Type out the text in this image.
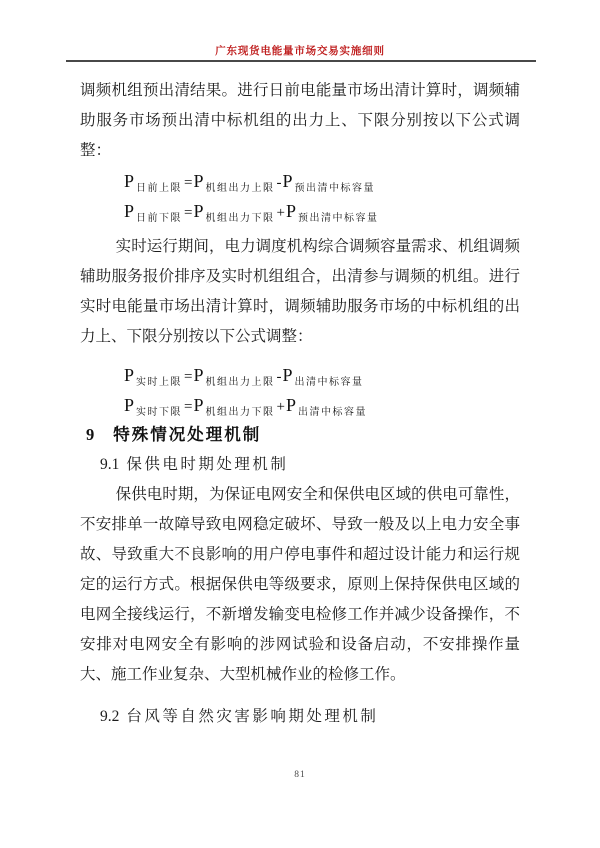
广东现货电能量市场交易实施细则

调频机组预出清结果。进行日前电能量市场出清计算时，调频辅助服务市场预出清中标机组的出力上、下限分别按以下公式调整：

P $_{日前上限}$ =P $_{机组出力上限}$ -P $_{预出清中标容量}$
P $_{日前下限}$ =P $_{机组出力下限}$ +P $_{预出清中标容量}$

实时运行期间，电力调度机构综合调频容量需求、机组调频辅助服务报价排序及实时机组组合，出清参与调频的机组。进行实时电能量市场出清计算时，调频辅助服务市场的中标机组的出力上、下限分别按以下公式调整：

P $_{实时上限}$ =P $_{机组出力上限}$ -P $_{出清中标容量}$
P $_{实时下限}$ =P $_{机组出力下限}$ +P $_{出清中标容量}$
9 特殊情况处理机制
9.1 保供电时期处理机制

保供电时期，为保证电网安全和保供电区域的供电可靠性，不安排单一故障导致电网稳定破坏、导致一般及以上电力安全事故、导致重大不良影响的用户停电事件和超过设计能力和运行规定的运行方式。根据保供电等级要求，原则上保持保供电区域的电网全接线运行，不新增发输变电检修工作并减少设备操作，不安排对电网安全有影响的涉网试验和设备启动，不安排操作量大、施工作业复杂、大型机械作业的检修工作。

9.2 台风等自然灾害影响期处理机制
81
